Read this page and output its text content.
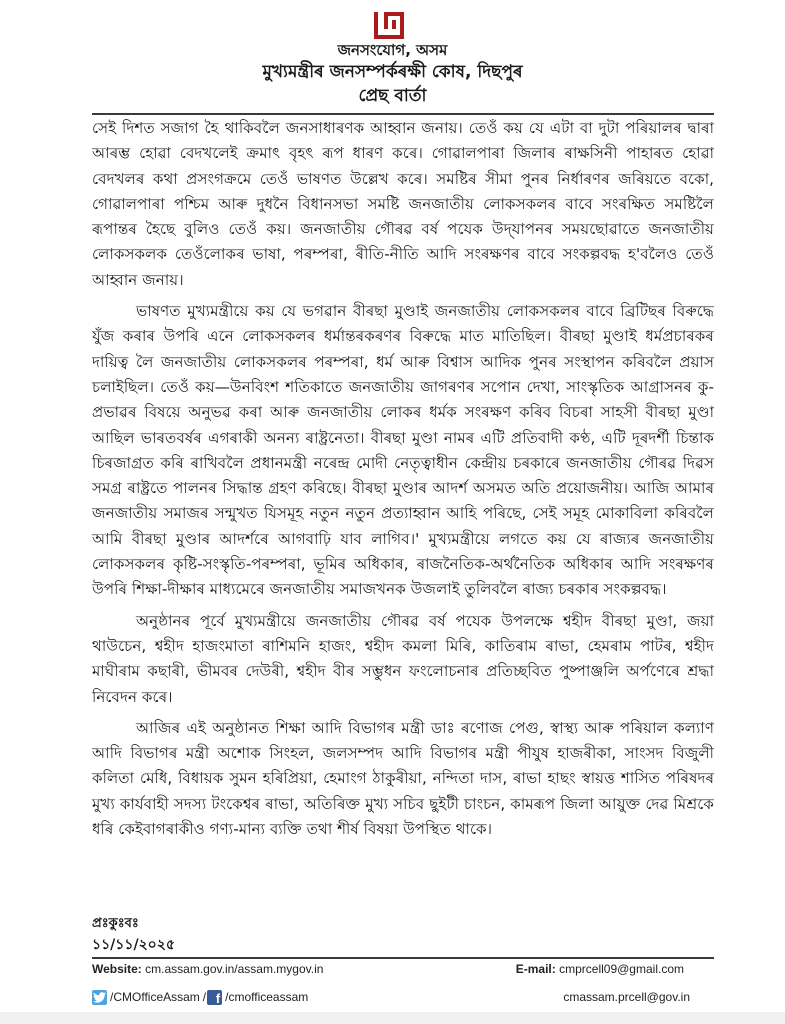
জনসংযোগ, অসম
মুখ্যমন্ত্ৰীৰ জনসম্পৰ্কৰক্ষী কোষ, দিছপুৰ
প্ৰেছ বাৰ্তা

সেই দিশত সজাগ হৈ থাকিবলৈ জনসাধাৰণক আহ্বান জনায়। তেওঁ কয় যে এটা বা দুটা পৰিয়ালৰ দ্বাৰা আৰম্ভ হোৱা বেদখলেই ক্ৰমাৎ বৃহৎ ৰূপ ধাৰণ কৰে। গোৱালপাৰা জিলাৰ ৰাক্ষসিনী পাহাৰত হোৱা বেদখলৰ কথা প্ৰসংগক্ৰমে তেওঁ ভাষণত উল্লেখ কৰে। সমষ্টিৰ সীমা পুনৰ নিৰ্ধাৰণৰ জৰিয়তে বকো, গোৱালপাৰা পশ্চিম আৰু দুধনৈ বিধানসভা সমষ্টি জনজাতীয় লোকসকলৰ বাবে সংৰক্ষিত সমষ্টিলৈ ৰূপান্তৰ হৈছে বুলিও তেওঁ কয়। জনজাতীয় গৌৰৱ বৰ্ষ পযেক উদ্‌যাপনৰ সময়ছোৱাতে জনজাতীয় লোকসকলক তেওঁলোকৰ ভাষা, পৰম্পৰা, ৰীতি-নীতি আদি সংৰক্ষণৰ বাবে সংকল্পবদ্ধ হ'বলৈও তেওঁ আহ্বান জনায়।

ভাষণত মুখ্যমন্ত্ৰীয়ে কয় যে ভগৱান বীৰছা মুণ্ডাই জনজাতীয় লোকসকলৰ বাবে ব্ৰিটিছৰ বিৰুদ্ধে যুঁজ কৰাৰ উপৰি এনে লোকসকলৰ ধৰ্মান্তৰকৰণৰ বিৰুদ্ধে মাত মাতিছিল। বীৰছা মুণ্ডাই ধৰ্মপ্ৰচাৰকৰ দায়িত্ব লৈ জনজাতীয় লোকসকলৰ পৰম্পৰা, ধৰ্ম আৰু বিশ্বাস আদিক পুনৰ সংস্থাপন কৰিবলৈ প্ৰয়াস চলাইছিল। তেওঁ কয়—উনবিংশ শতিকাতে জনজাতীয় জাগৰণৰ সপোন দেখা, সাংস্কৃতিক আগ্ৰাসনৰ কু-প্ৰভাৱৰ বিষয়ে অনুভৱ কৰা আৰু জনজাতীয় লোকৰ ধৰ্মক সংৰক্ষণ কৰিব বিচৰা সাহসী বীৰছা মুণ্ডা আছিল ভাৰতবৰ্ষৰ এগৰাকী অনন্য ৰাষ্ট্ৰনেতা। বীৰছা মুণ্ডা নামৰ এটি প্ৰতিবাদী কণ্ঠ, এটি দূৰদৰ্শী চিন্তাক চিৰজাগ্ৰত কৰি ৰাখিবলৈ প্ৰধানমন্ত্ৰী নৰেন্দ্ৰ মোদী নেতৃত্বাধীন কেন্দ্ৰীয় চৰকাৰে জনজাতীয় গৌৰৱ দিৱস সমগ্ৰ ৰাষ্ট্ৰতে পালনৰ সিদ্ধান্ত গ্ৰহণ কৰিছে। বীৰছা মুণ্ডাৰ আদৰ্শ অসমত অতি প্ৰয়োজনীয়। আজি আমাৰ জনজাতীয় সমাজৰ সন্মুখত যিসমূহ নতুন নতুন প্ৰত্যাহ্বান আহি পৰিছে, সেই সমূহ মোকাবিলা কৰিবলৈ আমি বীৰছা মুণ্ডাৰ আদৰ্শৰে আগবাঢ়ি যাব লাগিব।' মুখ্যমন্ত্ৰীয়ে লগতে কয় যে ৰাজ্যৰ জনজাতীয় লোকসকলৰ কৃষ্টি-সংস্কৃতি-পৰম্পৰা, ভূমিৰ অধিকাৰ, ৰাজনৈতিক-অৰ্থনৈতিক অধিকাৰ আদি সংৰক্ষণৰ উপৰি শিক্ষা-দীক্ষাৰ মাধ্যমেৰে জনজাতীয় সমাজখনক উজলাই তুলিবলৈ ৰাজ্য চৰকাৰ সংকল্পবদ্ধ।

অনুষ্ঠানৰ পূৰ্বে মুখ্যমন্ত্ৰীয়ে জনজাতীয় গৌৰৱ বৰ্ষ পযেক উপলক্ষে শ্বহীদ বীৰছা মুণ্ডা, জয়া থাউচেন, শ্বহীদ হাজংমাতা ৰাশিমনি হাজং, শ্বহীদ কমলা মিৰি, কাতিৰাম ৰাভা, হেমৰাম পাটৰ, শ্বহীদ মাঘীৰাম কছাৰী, ভীমবৰ দেউৰী, শ্বহীদ বীৰ সম্ভুধন ফংলোচনাৰ প্ৰতিচ্ছবিত পুষ্পাঞ্জলি অৰ্পণেৰে শ্ৰদ্ধা নিবেদন কৰে।

আজিৰ এই অনুষ্ঠানত শিক্ষা আদি বিভাগৰ মন্ত্ৰী ডাঃ ৰণোজ পেগু, স্বাস্থ্য আৰু পৰিয়াল কল্যাণ আদি বিভাগৰ মন্ত্ৰী অশোক সিংহল, জলসম্পদ আদি বিভাগৰ মন্ত্ৰী পীযুষ হাজৰীকা, সাংসদ বিজুলী কলিতা মেধি, বিধায়ক সুমন হৰিপ্ৰিয়া, হেমাংগ ঠাকুৰীয়া, নন্দিতা দাস, ৰাভা হাছং স্বায়ত্ত শাসিত পৰিষদৰ মুখ্য কাৰ্যবাহী সদস্য টংকেশ্বৰ ৰাভা, অতিৰিক্ত মুখ্য সচিব ছুইটী চাংচন, কামৰূপ জিলা আয়ুক্ত দেৱ মিশ্ৰকে ধৰি কেইবাগৰাকীও গণ্য-মান্য ব্যক্তি তথা শীৰ্ষ বিষয়া উপস্থিত থাকে।

প্ৰঃকুঃবঃ
১১/১১/২০২৫
Website:
cm.assam.gov.in/assam.mygov.in	E-mail: cmprcell09@gmail.com
/CMOfficeAssam / f /cmofficeassam	cmassam.prcell@gov.in
